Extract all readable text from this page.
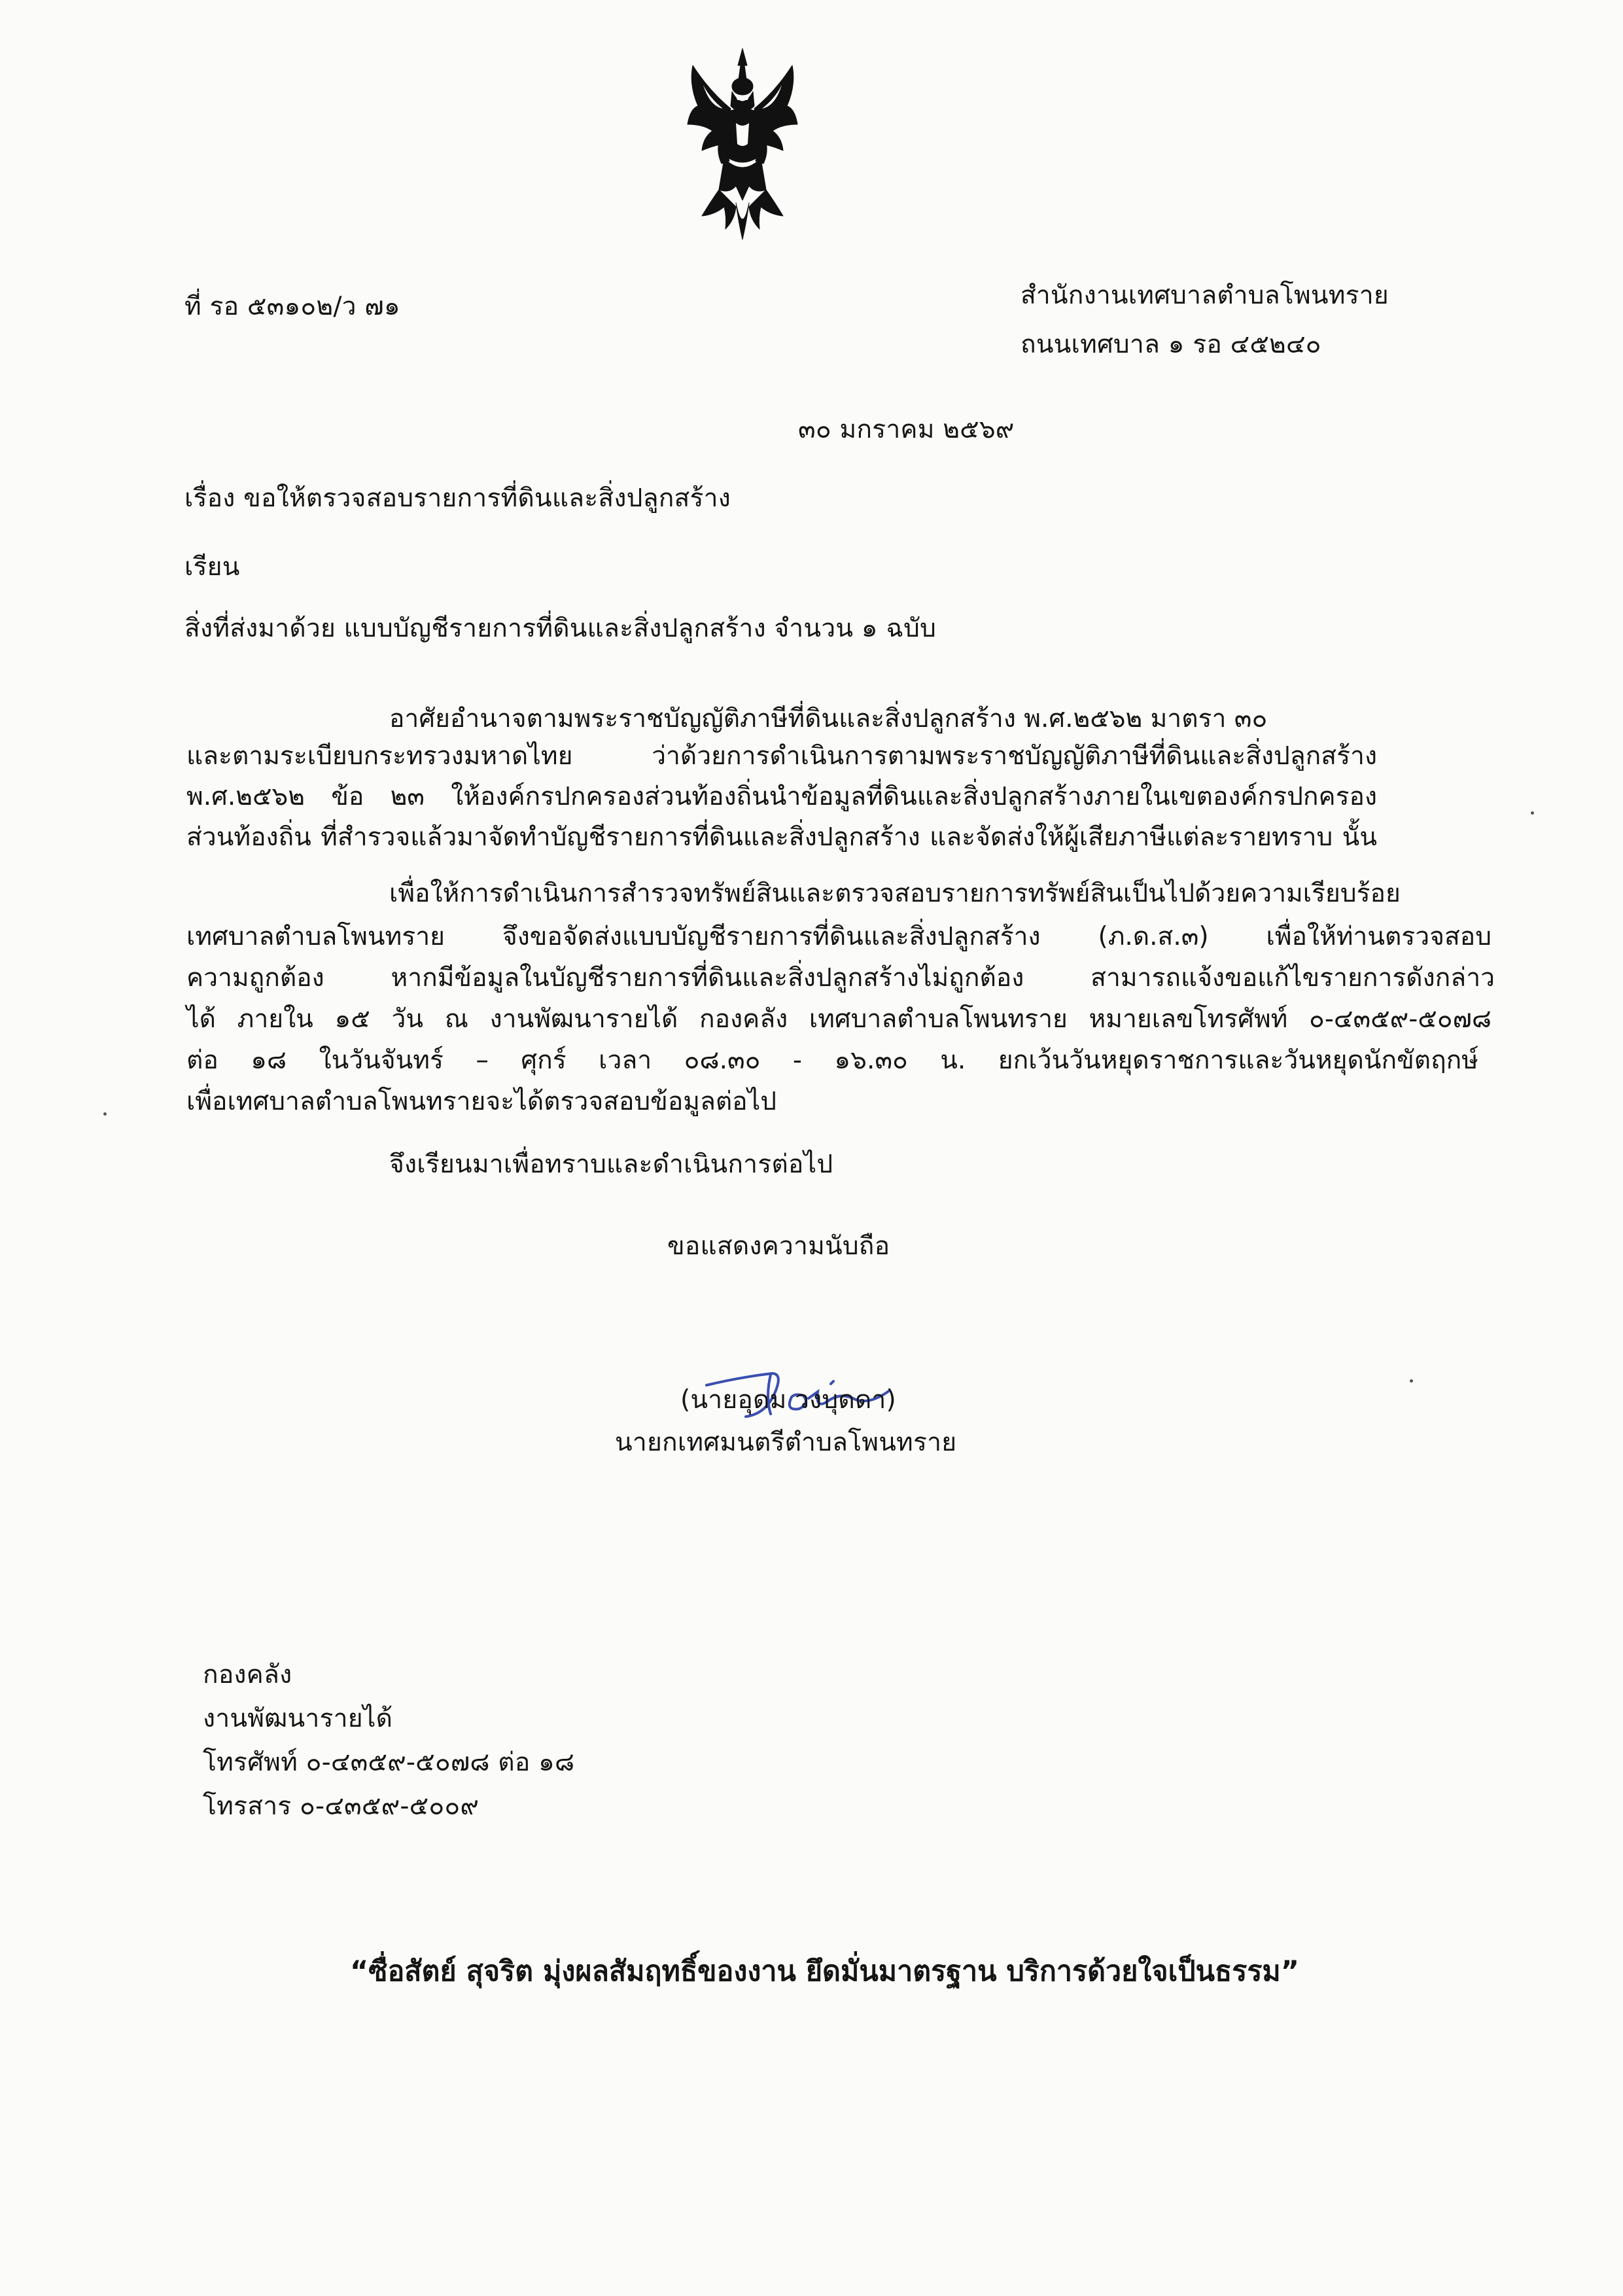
ที่ รอ ๕๓๑๐๒/ว ๗๑	สำนักงานเทศบาลตำบลโพนทราย
ถนนเทศบาล ๑ รอ ๔๕๒๔๐
๓๐ มกราคม ๒๕๖๙
เรื่อง ขอให้ตรวจสอบรายการที่ดินและสิ่งปลูกสร้าง
เรียน
สิ่งที่ส่งมาด้วย แบบบัญชีรายการที่ดินและสิ่งปลูกสร้าง จำนวน ๑ ฉบับ
อาศัยอำนาจตามพระราชบัญญัติภาษีที่ดินและสิ่งปลูกสร้าง พ.ศ.๒๕๖๒ มาตรา ๓๐
และตามระเบียบกระทรวงมหาดไทย ว่าด้วยการดำเนินการตามพระราชบัญญัติภาษีที่ดินและสิ่งปลูกสร้าง
พ.ศ.๒๕๖๒ ข้อ ๒๓ ให้องค์กรปกครองส่วนท้องถิ่นนำข้อมูลที่ดินและสิ่งปลูกสร้างภายในเขตองค์กรปกครอง
ส่วนท้องถิ่น ที่สำรวจแล้วมาจัดทำบัญชีรายการที่ดินและสิ่งปลูกสร้าง และจัดส่งให้ผู้เสียภาษีแต่ละรายทราบ นั้น
เพื่อให้การดำเนินการสำรวจทรัพย์สินและตรวจสอบรายการทรัพย์สินเป็นไปด้วยความเรียบร้อย
เทศบาลตำบลโพนทราย จึงขอจัดส่งแบบบัญชีรายการที่ดินและสิ่งปลูกสร้าง (ภ.ด.ส.๓) เพื่อให้ท่านตรวจสอบ
ความถูกต้อง หากมีข้อมูลในบัญชีรายการที่ดินและสิ่งปลูกสร้างไม่ถูกต้อง สามารถแจ้งขอแก้ไขรายการดังกล่าว
ได้ ภายใน ๑๕ วัน ณ งานพัฒนารายได้ กองคลัง เทศบาลตำบลโพนทราย หมายเลขโทรศัพท์ ๐-๔๓๕๙-๕๐๗๘
ต่อ ๑๘ ในวันจันทร์ – ศุกร์ เวลา ๐๘.๓๐ - ๑๖.๓๐ น. ยกเว้นวันหยุดราชการและวันหยุดนักขัตฤกษ์
เพื่อเทศบาลตำบลโพนทรายจะได้ตรวจสอบข้อมูลต่อไป
จึงเรียนมาเพื่อทราบและดำเนินการต่อไป
ขอแสดงความนับถือ
(นายอุดม วงบุดดา)
นายกเทศมนตรีตำบลโพนทราย
กองคลัง
งานพัฒนารายได้
โทรศัพท์ ๐-๔๓๕๙-๕๐๗๘ ต่อ ๑๘
โทรสาร ๐-๔๓๕๙-๕๐๐๙
“ซื่อสัตย์ สุจริต มุ่งผลสัมฤทธิ์ของงาน ยึดมั่นมาตรฐาน บริการด้วยใจเป็นธรรม”
